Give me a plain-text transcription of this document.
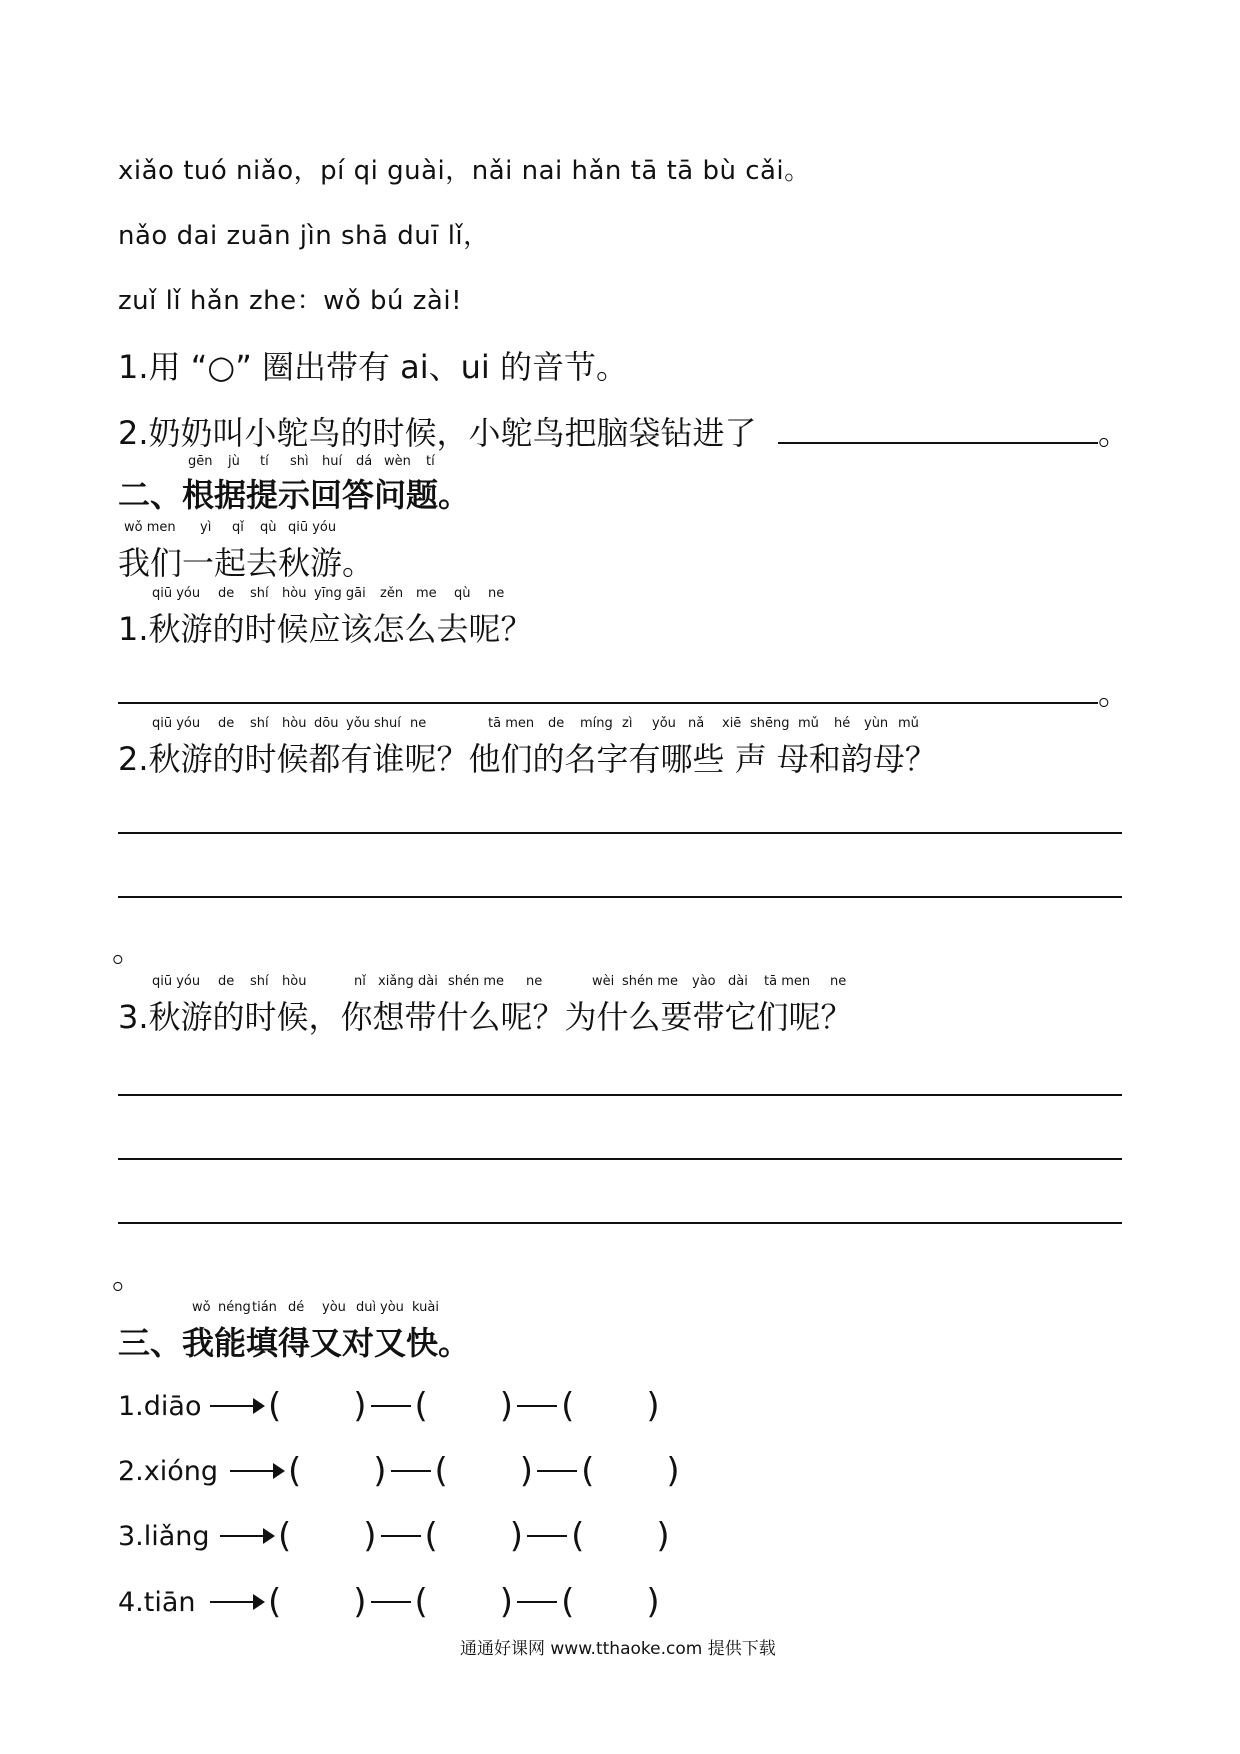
xiǎo tuó niǎo，pí qi guài，nǎi nai hǎn tā tā bù cǎi。
nǎo dai zuān jìn shā duī lǐ，
zuǐ lǐ hǎn zhe：wǒ bú zài!
1.用 “○” 圈出带有 ai、ui 的音节。
2.奶奶叫小鸵鸟的时候，小鸵鸟把脑袋钻进了	。
gēn jù tí shì huí dá wèn tí
二、根据提示回答问题。
wǒ men yì qǐ qù qiū yóu
我们一起去秋游。
qiū yóu de shí hòu yīng gāi zěn me qù ne
1.秋游的时候应该怎么去呢？
。
qiū yóu de shí hòu dōu yǒu shuí ne	tā men de míng zì yǒu nǎ xiē shēng mǔ hé yùn mǔ
2.秋游的时候都有谁呢？他们的名字有哪些 声 母和韵母？
。
qiū yóu de shí hòu	nǐ xiǎng dài shén me ne	wèi shén me yào dài tā men ne
3.秋游的时候，你想带什么呢？为什么要带它们呢？
。
wǒ néng tián dé yòu duì yòu kuài
三、我能填得又对又快。
1.diāo ( ) ( ) ( )
2.xióng ( ) ( ) ( )
3.liǎng ( ) ( ) ( )
4.tiān ( ) ( ) ( )
通通好课网 www.tthaoke.com 提供下载
